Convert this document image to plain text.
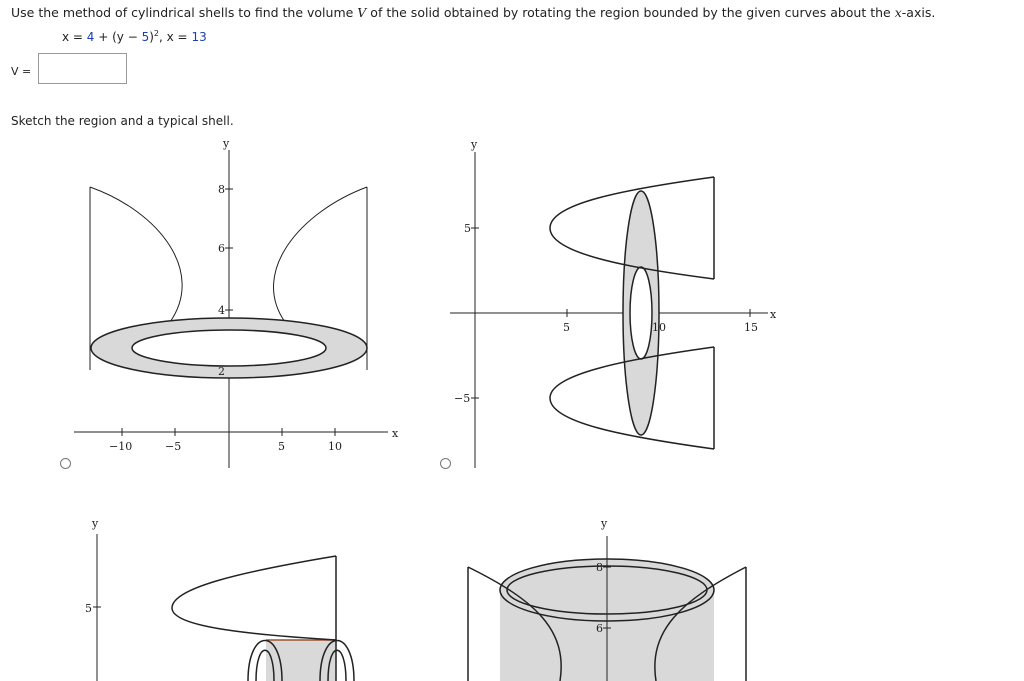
Use the method of cylindrical shells to find the volume V of the solid obtained by rotating the region bounded by the given curves about the x-axis.
$x = 4 + (y - 5)^2$, x = 13
V =
Sketch the region and a typical shell.
y
x
−10	−5	5	10
8
6
4
2
y
x
5	10	15
5
−5
y
5
y
8
6
